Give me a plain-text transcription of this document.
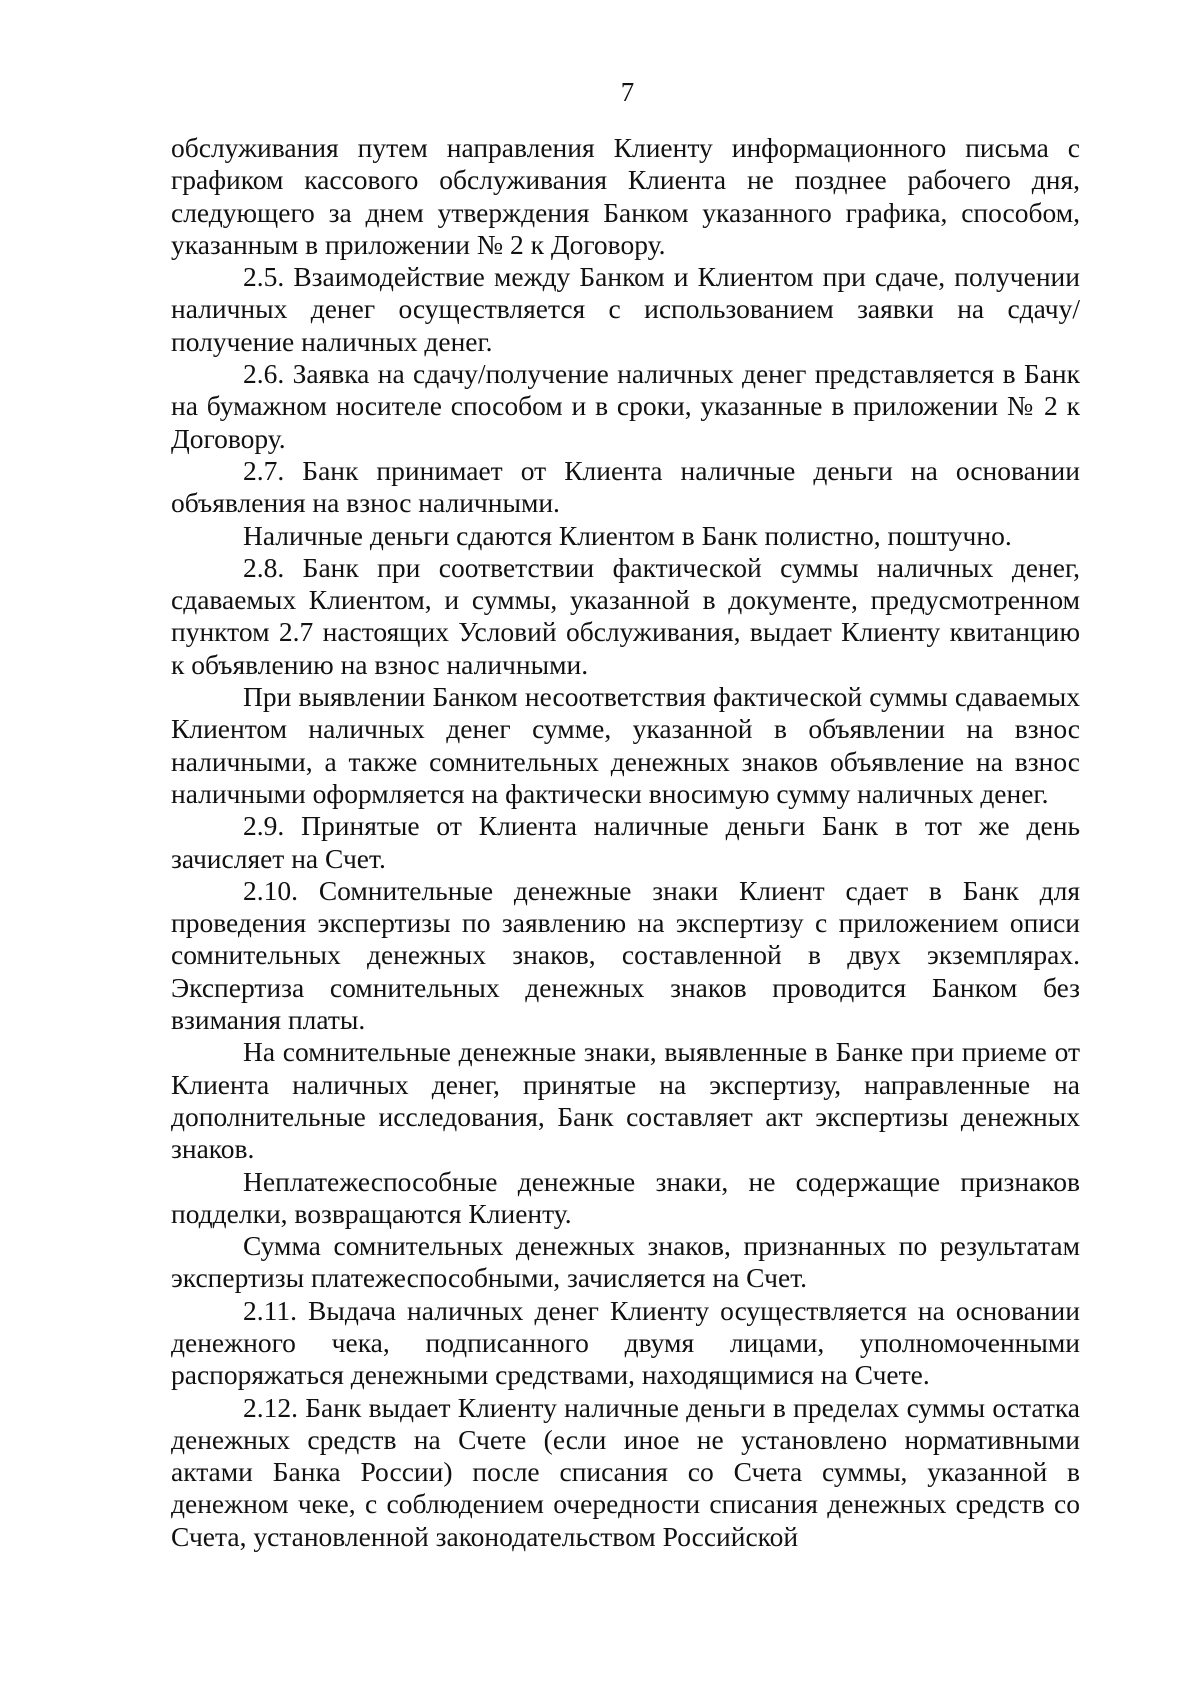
7

обслуживания путем направления Клиенту информационного письма с графиком кассового обслуживания Клиента не позднее рабочего дня, следующего за днем утверждения Банком указанного графика, способом, указанным в приложении № 2 к Договору.

2.5. Взаимодействие между Банком и Клиентом при сдаче, получении наличных денег осуществляется с использованием заявки на сдачу/получение наличных денег.

2.6. Заявка на сдачу/получение наличных денег представляется в Банк на бумажном носителе способом и в сроки, указанные в приложении № 2 к Договору.

2.7. Банк принимает от Клиента наличные деньги на основании объявления на взнос наличными.

Наличные деньги сдаются Клиентом в Банк полистно, поштучно.

2.8. Банк при соответствии фактической суммы наличных денег, сдаваемых Клиентом, и суммы, указанной в документе, предусмотренном пунктом 2.7 настоящих Условий обслуживания, выдает Клиенту квитанцию к объявлению на взнос наличными.

При выявлении Банком несоответствия фактической суммы сдаваемых Клиентом наличных денег сумме, указанной в объявлении на взнос наличными, а также сомнительных денежных знаков объявление на взнос наличными оформляется на фактически вносимую сумму наличных денег.

2.9. Принятые от Клиента наличные деньги Банк в тот же день зачисляет на Счет.

2.10. Сомнительные денежные знаки Клиент сдает в Банк для проведения экспертизы по заявлению на экспертизу с приложением описи сомнительных денежных знаков, составленной в двух экземплярах. Экспертиза сомнительных денежных знаков проводится Банком без взимания платы.

На сомнительные денежные знаки, выявленные в Банке при приеме от Клиента наличных денег, принятые на экспертизу, направленные на дополнительные исследования, Банк составляет акт экспертизы денежных знаков.

Неплатежеспособные денежные знаки, не содержащие признаков подделки, возвращаются Клиенту.

Сумма сомнительных денежных знаков, признанных по результатам экспертизы платежеспособными, зачисляется на Счет.

2.11. Выдача наличных денег Клиенту осуществляется на основании денежного чека, подписанного двумя лицами, уполномоченными распоряжаться денежными средствами, находящимися на Счете.

2.12. Банк выдает Клиенту наличные деньги в пределах суммы остатка денежных средств на Счете (если иное не установлено нормативными актами Банка России) после списания со Счета суммы, указанной в денежном чеке, с соблюдением очередности списания денежных средств со Счета, установленной законодательством Российской
